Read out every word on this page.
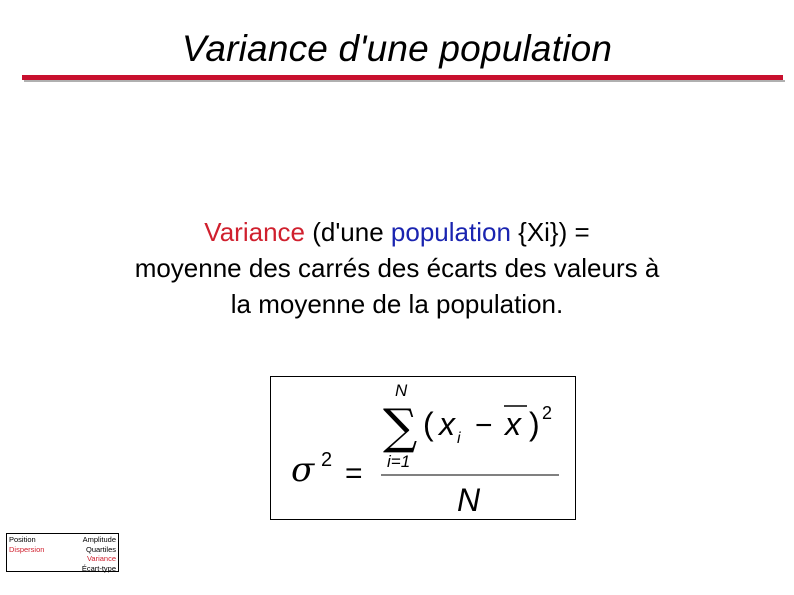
Variance d'une population
Variance (d'une population {Xi}) =
moyenne des carrés des écarts des valeurs à
la moyenne de la population.
σ 2 =
N
∑
i=1
( x i − x ) 2
N
Position
Dispersion
Amplitude
Quartiles
Variance
Écart-type
